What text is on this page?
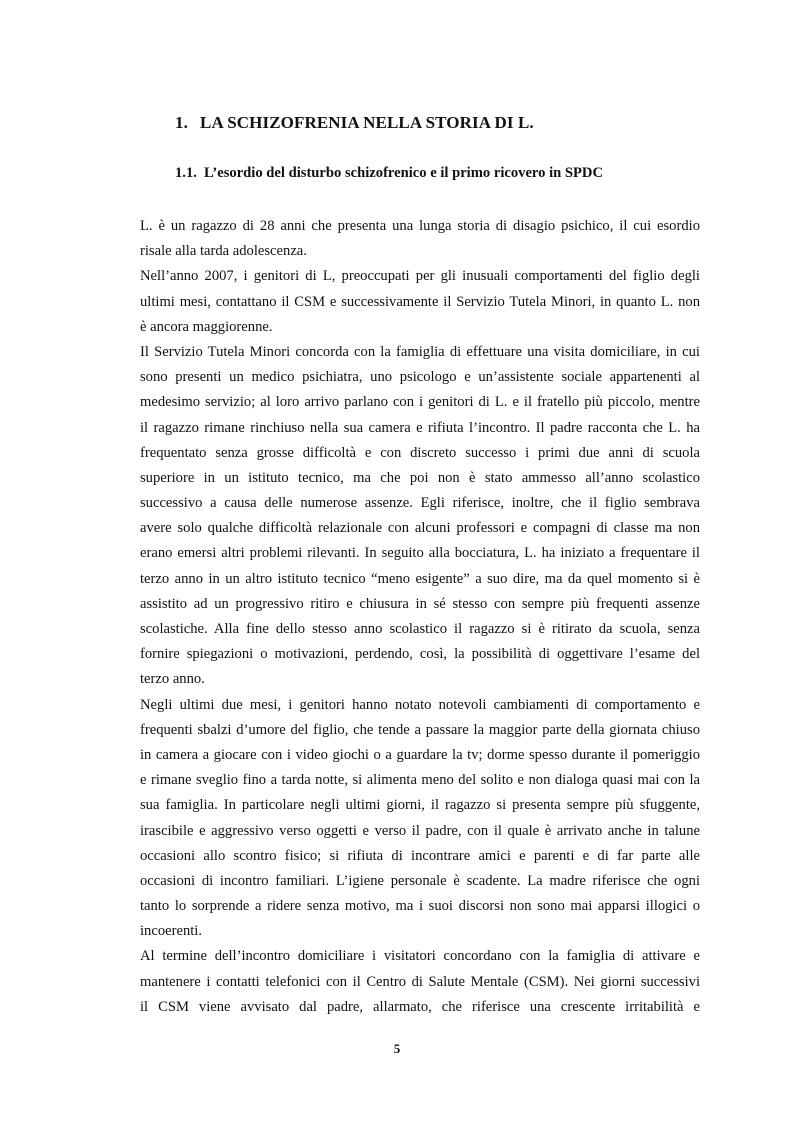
1. LA SCHIZOFRENIA NELLA STORIA DI L.
1.1. L’esordio del disturbo schizofrenico e il primo ricovero in SPDC
L. è un ragazzo di 28 anni che presenta una lunga storia di disagio psichico, il cui esordio
risale alla tarda adolescenza.
Nell’anno 2007, i genitori di L, preoccupati per gli inusuali comportamenti del figlio degli
ultimi mesi, contattano il CSM e successivamente il Servizio Tutela Minori, in quanto L. non
è ancora maggiorenne.
Il Servizio Tutela Minori concorda con la famiglia di effettuare una visita domiciliare, in cui
sono presenti un medico psichiatra, uno psicologo e un’assistente sociale appartenenti al
medesimo servizio; al loro arrivo parlano con i genitori di L. e il fratello più piccolo, mentre
il ragazzo rimane rinchiuso nella sua camera e rifiuta l’incontro. Il padre racconta che L. ha
frequentato senza grosse difficoltà e con discreto successo i primi due anni di scuola
superiore in un istituto tecnico, ma che poi non è stato ammesso all’anno scolastico
successivo a causa delle numerose assenze. Egli riferisce, inoltre, che il figlio sembrava
avere solo qualche difficoltà relazionale con alcuni professori e compagni di classe ma non
erano emersi altri problemi rilevanti. In seguito alla bocciatura, L. ha iniziato a frequentare il
terzo anno in un altro istituto tecnico “meno esigente” a suo dire, ma da quel momento si è
assistito ad un progressivo ritiro e chiusura in sé stesso con sempre più frequenti assenze
scolastiche. Alla fine dello stesso anno scolastico il ragazzo si è ritirato da scuola, senza
fornire spiegazioni o motivazioni, perdendo, così, la possibilità di oggettivare l’esame del
terzo anno.
Negli ultimi due mesi, i genitori hanno notato notevoli cambiamenti di comportamento e
frequenti sbalzi d’umore del figlio, che tende a passare la maggior parte della giornata chiuso
in camera a giocare con i video giochi o a guardare la tv; dorme spesso durante il pomeriggio
e rimane sveglio fino a tarda notte, si alimenta meno del solito e non dialoga quasi mai con la
sua famiglia. In particolare negli ultimi giorni, il ragazzo si presenta sempre più sfuggente,
irascibile e aggressivo verso oggetti e verso il padre, con il quale è arrivato anche in talune
occasioni allo scontro fisico; si rifiuta di incontrare amici e parenti e di far parte alle
occasioni di incontro familiari. L’igiene personale è scadente. La madre riferisce che ogni
tanto lo sorprende a ridere senza motivo, ma i suoi discorsi non sono mai apparsi illogici o
incoerenti.
Al termine dell’incontro domiciliare i visitatori concordano con la famiglia di attivare e
mantenere i contatti telefonici con il Centro di Salute Mentale (CSM). Nei giorni successivi
il CSM viene avvisato dal padre, allarmato, che riferisce una crescente irritabilità e
5
